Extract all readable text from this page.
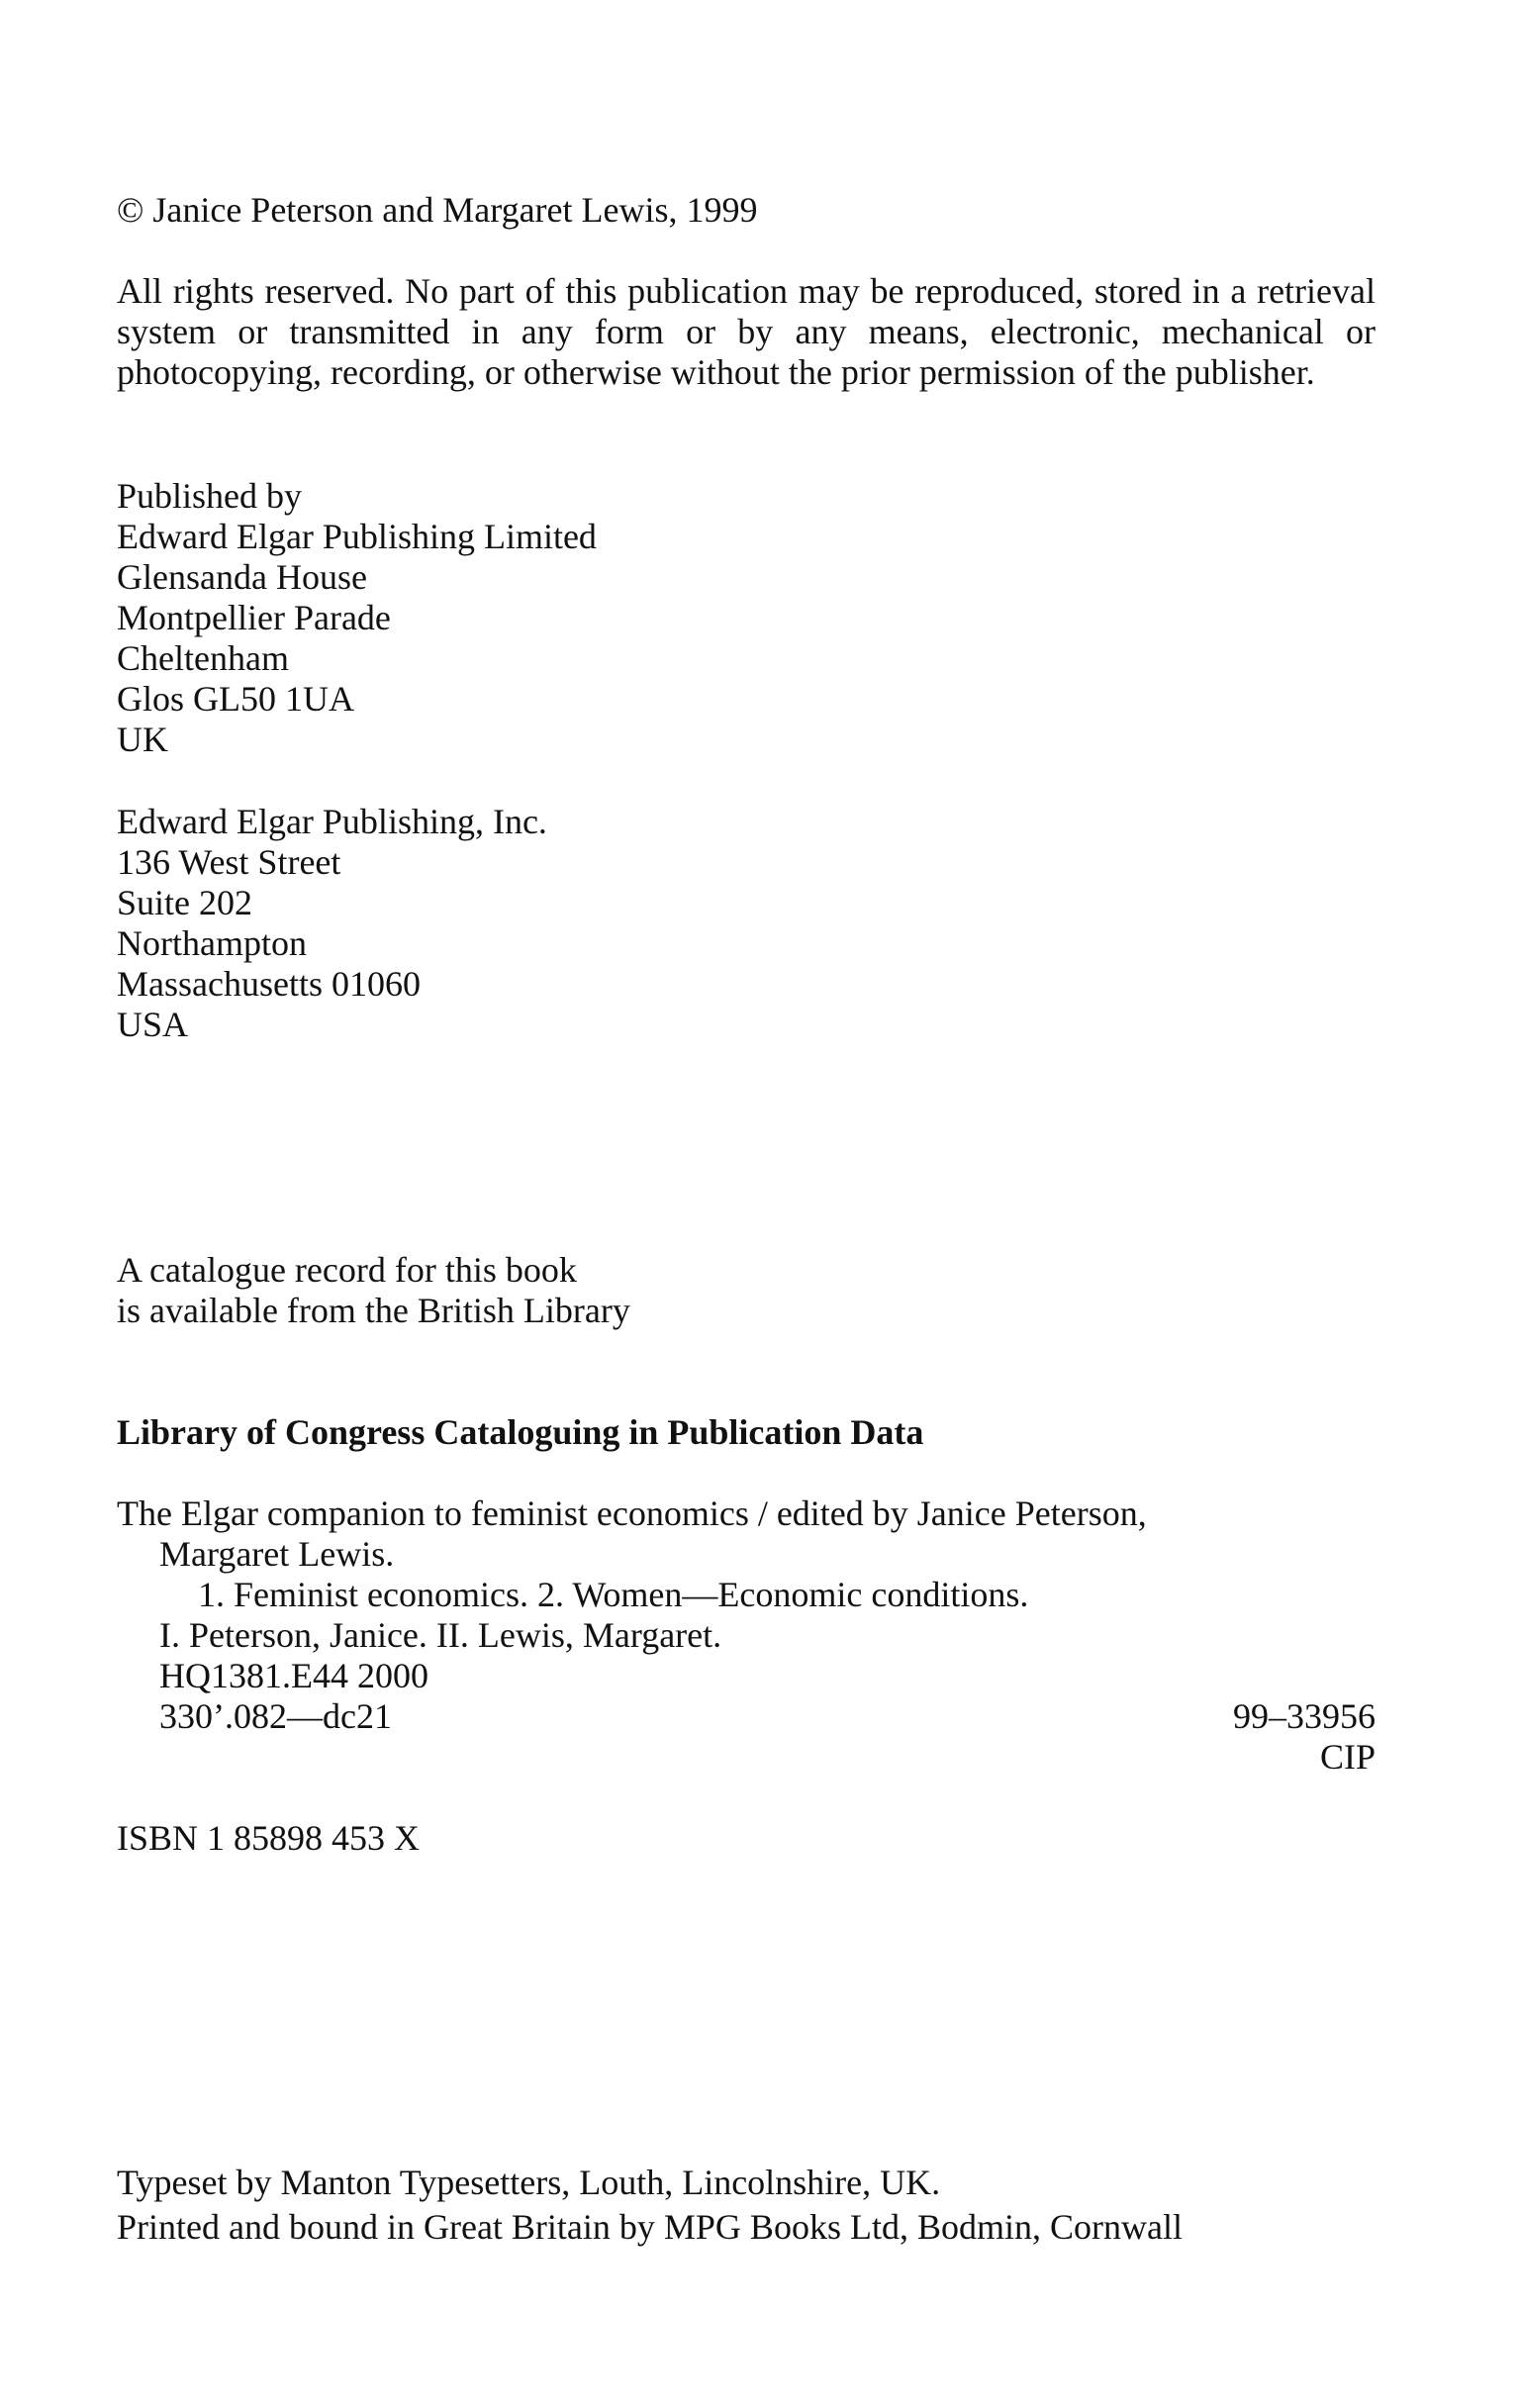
© Janice Peterson and Margaret Lewis, 1999
All rights reserved. No part of this publication may be reproduced, stored in a retrieval system or transmitted in any form or by any means, electronic, mechanical or photocopying, recording, or otherwise without the prior permission of the publisher.
Published by
Edward Elgar Publishing Limited
Glensanda House
Montpellier Parade
Cheltenham
Glos GL50 1UA
UK
Edward Elgar Publishing, Inc.
136 West Street
Suite 202
Northampton
Massachusetts 01060
USA
A catalogue record for this book
is available from the British Library
Library of Congress Cataloguing in Publication Data
The Elgar companion to feminist economics / edited by Janice Peterson,
Margaret Lewis.
1. Feminist economics. 2. Women—Economic conditions.
I. Peterson, Janice. II. Lewis, Margaret.
HQ1381.E44 2000
330’.082—dc21	99–33956
CIP
ISBN 1 85898 453 X
Typeset by Manton Typesetters, Louth, Lincolnshire, UK.
Printed and bound in Great Britain by MPG Books Ltd, Bodmin, Cornwall
